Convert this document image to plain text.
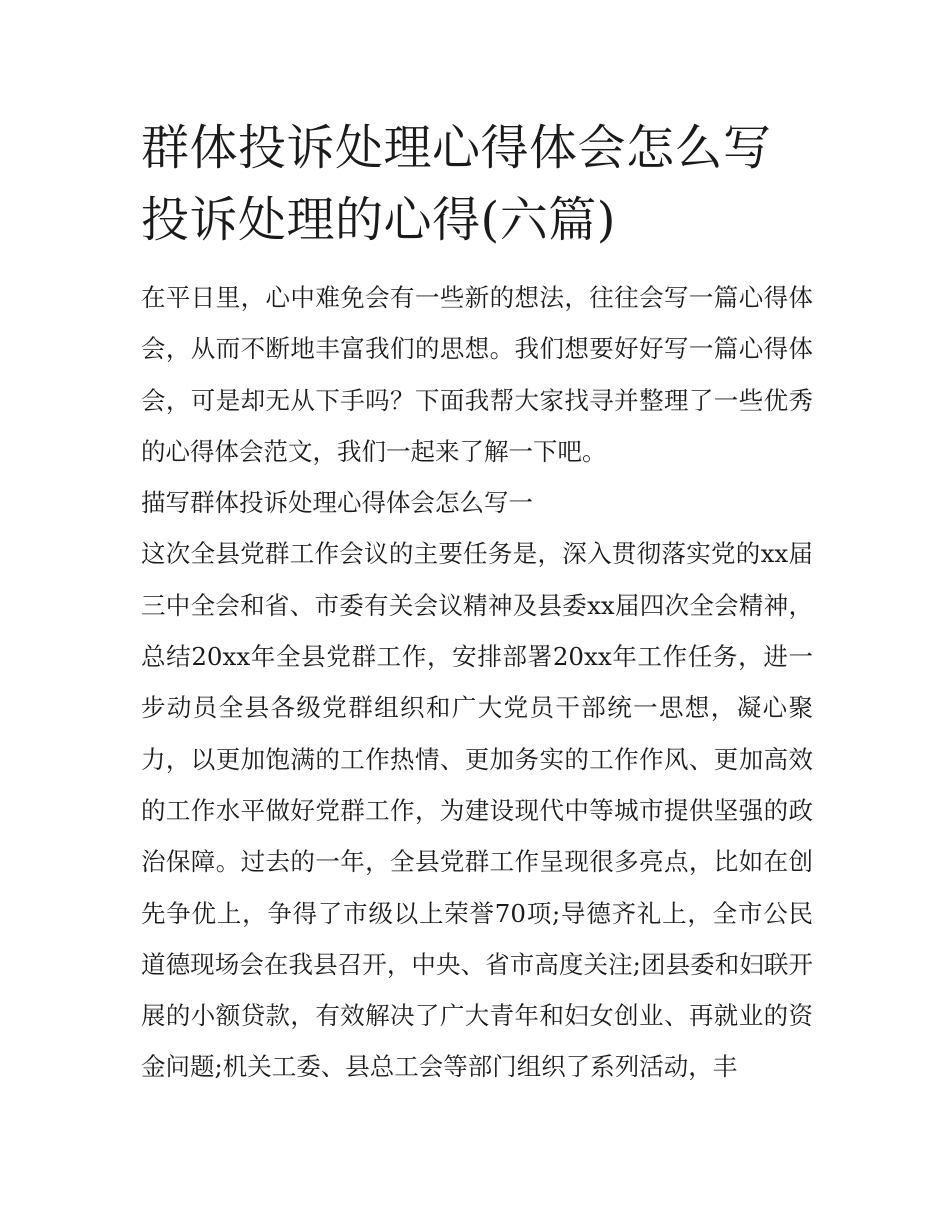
群体投诉处理心得体会怎么写投诉处理的心得(六篇)

在平日里，心中难免会有一些新的想法，往往会写一篇心得体会，从而不断地丰富我们的思想。我们想要好好写一篇心得体会，可是却无从下手吗？下面我帮大家找寻并整理了一些优秀的心得体会范文，我们一起来了解一下吧。

描写群体投诉处理心得体会怎么写一

这次全县党群工作会议的主要任务是，深入贯彻落实党的xx届三中全会和省、市委有关会议精神及县委xx届四次全会精神，总结20xx年全县党群工作，安排部署20xx年工作任务，进一步动员全县各级党群组织和广大党员干部统一思想，凝心聚力，以更加饱满的工作热情、更加务实的工作作风、更加高效的工作水平做好党群工作，为建设现代中等城市提供坚强的政治保障。过去的一年，全县党群工作呈现很多亮点，比如在创先争优上，争得了市级以上荣誉70项;导德齐礼上，全市公民道德现场会在我县召开，中央、省市高度关注;团县委和妇联开展的小额贷款，有效解决了广大青年和妇女创业、再就业的资金问题;机关工委、县总工会等部门组织了系列活动，丰
